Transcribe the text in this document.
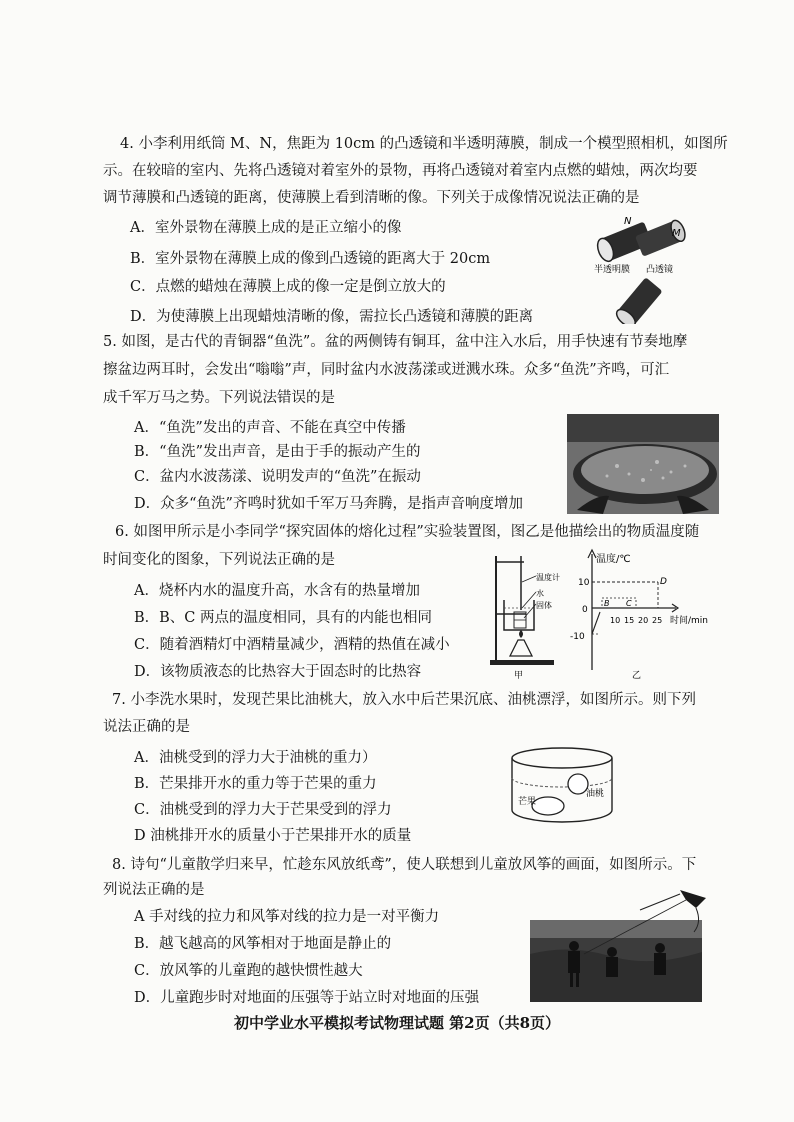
4. 小李利用纸筒 M、N，焦距为 10cm 的凸透镜和半透明薄膜，制成一个模型照相机，如图所
示。在较暗的室内、先将凸透镜对着室外的景物，再将凸透镜对着室内点燃的蜡烛，两次均要
调节薄膜和凸透镜的距离，使薄膜上看到清晰的像。下列关于成像情况说法正确的是
A．室外景物在薄膜上成的是正立缩小的像
B．室外景物在薄膜上成的像到凸透镜的距离大于 20cm
C．点燃的蜡烛在薄膜上成的像一定是倒立放大的
D．为使薄膜上出现蜡烛清晰的像，需拉长凸透镜和薄膜的距离
N
M
半透明膜 凸透镜
5. 如图，是古代的青铜器“鱼洗”。盆的两侧铸有铜耳，盆中注入水后，用手快速有节奏地摩
擦盆边两耳时，会发出“嗡嗡”声，同时盆内水波荡漾或迸溅水珠。众多“鱼洗”齐鸣，可汇
成千军万马之势。下列说法错误的是
A．“鱼洗”发出的声音、不能在真空中传播
B．“鱼洗”发出声音，是由于手的振动产生的
C．盆内水波荡漾、说明发声的“鱼洗”在振动
D．众多“鱼洗”齐鸣时犹如千军万马奔腾，是指声音响度增加
6. 如图甲所示是小李同学“探究固体的熔化过程”实验装置图，图乙是他描绘出的物质温度随
时间变化的图象，下列说法正确的是
A．烧杯内水的温度升高，水含有的热量增加
B．B、C 两点的温度相同，具有的内能也相同
C．随着酒精灯中酒精量减少，酒精的热值在减小
D．该物质液态的比热容大于固态时的比热容
温度计
水
固体
甲
温度/℃
时间/min
10
0
-10
10 15 20 25
B C
D
乙
7. 小李洗水果时，发现芒果比油桃大，放入水中后芒果沉底、油桃漂浮，如图所示。则下列
说法正确的是
A．油桃受到的浮力大于油桃的重力）
B．芒果排开水的重力等于芒果的重力
C．油桃受到的浮力大于芒果受到的浮力
D 油桃排开水的质量小于芒果排开水的质量
芒果
油桃
8. 诗句“儿童散学归来早，忙趁东风放纸鸢”，使人联想到儿童放风筝的画面，如图所示。下
列说法正确的是
A 手对线的拉力和风筝对线的拉力是一对平衡力
B．越飞越高的风筝相对于地面是静止的
C．放风筝的儿童跑的越快惯性越大
D．儿童跑步时对地面的压强等于站立时对地面的压强
初中学业水平模拟考试物理试题 第2页（共8页）
